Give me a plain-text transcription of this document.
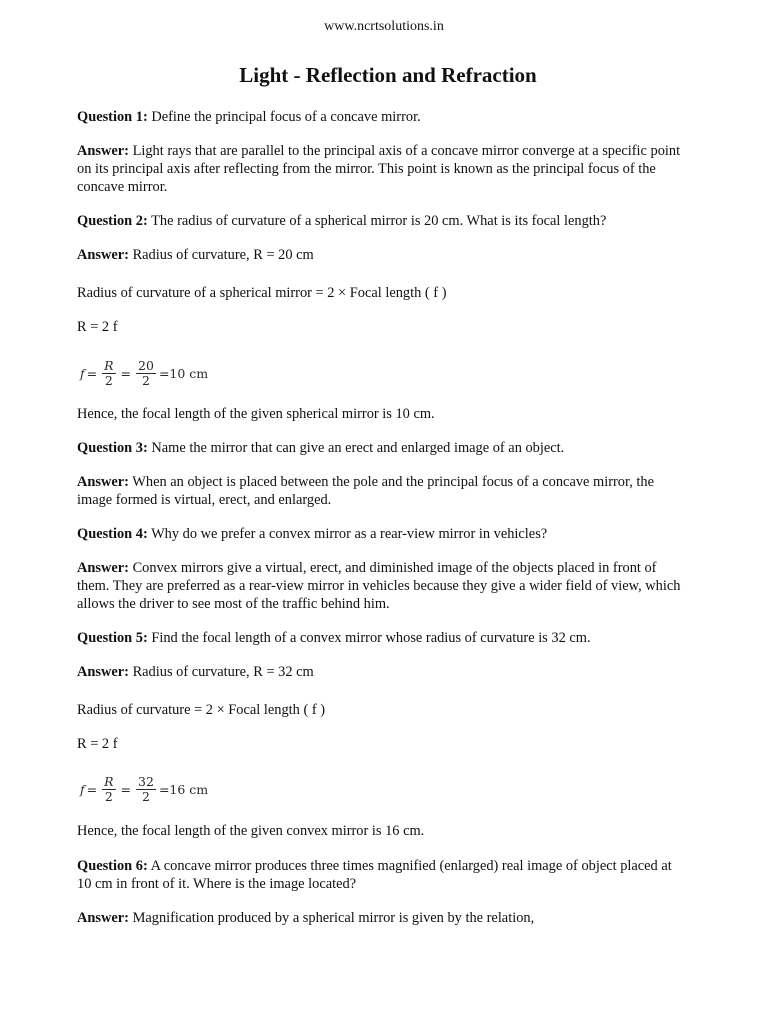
www.ncrtsolutions.in

Light - Reflection and Refraction

Question 1: Define the principal focus of a concave mirror.

Answer: Light rays that are parallel to the principal axis of a concave mirror converge at a specific point on its principal axis after reflecting from the mirror. This point is known as the principal focus of the concave mirror.

Question 2: The radius of curvature of a spherical mirror is 20 cm. What is its focal length?

Answer: Radius of curvature, R = 20 cm

Radius of curvature of a spherical mirror = 2 × Focal length ( f )

R = 2 f

$f = \frac{R}{2} = \frac{20}{2} =10$ cm

Hence, the focal length of the given spherical mirror is 10 cm.

Question 3: Name the mirror that can give an erect and enlarged image of an object.

Answer: When an object is placed between the pole and the principal focus of a concave mirror, the image formed is virtual, erect, and enlarged.

Question 4: Why do we prefer a convex mirror as a rear-view mirror in vehicles?

Answer: Convex mirrors give a virtual, erect, and diminished image of the objects placed in front of them. They are preferred as a rear-view mirror in vehicles because they give a wider field of view, which allows the driver to see most of the traffic behind him.

Question 5: Find the focal length of a convex mirror whose radius of curvature is 32 cm.

Answer: Radius of curvature, R = 32 cm

Radius of curvature = 2 × Focal length ( f )

R = 2 f

$f = \frac{R}{2} = \frac{32}{2} =16$ cm

Hence, the focal length of the given convex mirror is 16 cm.

Question 6: A concave mirror produces three times magnified (enlarged) real image of object placed at 10 cm in front of it. Where is the image located?

Answer: Magnification produced by a spherical mirror is given by the relation,
